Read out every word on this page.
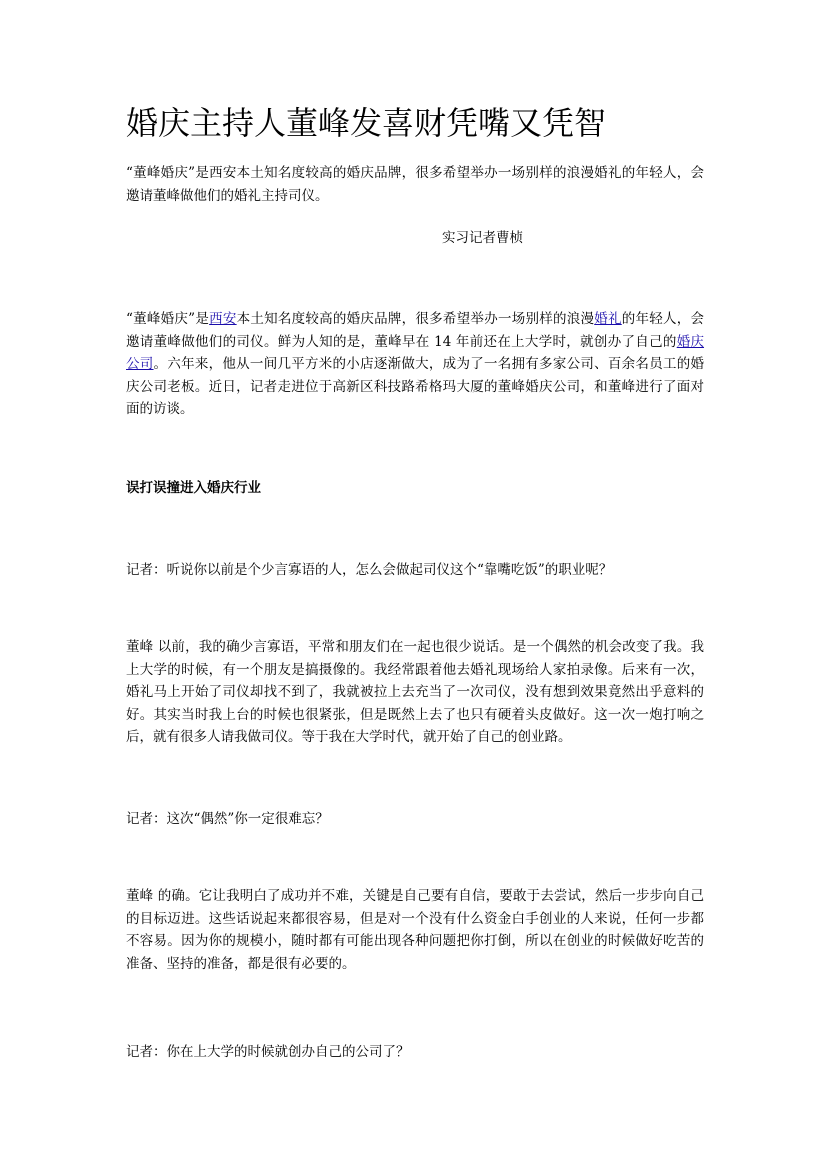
婚庆主持人董峰发喜财凭嘴又凭智

“董峰婚庆”是西安本土知名度较高的婚庆品牌，很多希望举办一场别样的浪漫婚礼的年轻人，会邀请董峰做他们的婚礼主持司仪。

实习记者曹桢

“董峰婚庆”是西安本土知名度较高的婚庆品牌，很多希望举办一场别样的浪漫婚礼的年轻人，会邀请董峰做他们的司仪。鲜为人知的是，董峰早在 14 年前还在上大学时，就创办了自己的婚庆公司。六年来，他从一间几平方米的小店逐渐做大，成为了一名拥有多家公司、百余名员工的婚庆公司老板。近日，记者走进位于高新区科技路希格玛大厦的董峰婚庆公司，和董峰进行了面对面的访谈。

误打误撞进入婚庆行业

记者：听说你以前是个少言寡语的人，怎么会做起司仪这个“靠嘴吃饭”的职业呢？

董峰 以前，我的确少言寡语，平常和朋友们在一起也很少说话。是一个偶然的机会改变了我。我上大学的时候，有一个朋友是搞摄像的。我经常跟着他去婚礼现场给人家拍录像。后来有一次，婚礼马上开始了司仪却找不到了，我就被拉上去充当了一次司仪，没有想到效果竟然出乎意料的好。其实当时我上台的时候也很紧张，但是既然上去了也只有硬着头皮做好。这一次一炮打响之后，就有很多人请我做司仪。等于我在大学时代，就开始了自己的创业路。

记者：这次“偶然”你一定很难忘？

董峰 的确。它让我明白了成功并不难，关键是自己要有自信，要敢于去尝试，然后一步步向自己的目标迈进。这些话说起来都很容易，但是对一个没有什么资金白手创业的人来说，任何一步都不容易。因为你的规模小，随时都有可能出现各种问题把你打倒，所以在创业的时候做好吃苦的准备、坚持的准备，都是很有必要的。

记者：你在上大学的时候就创办自己的公司了？
